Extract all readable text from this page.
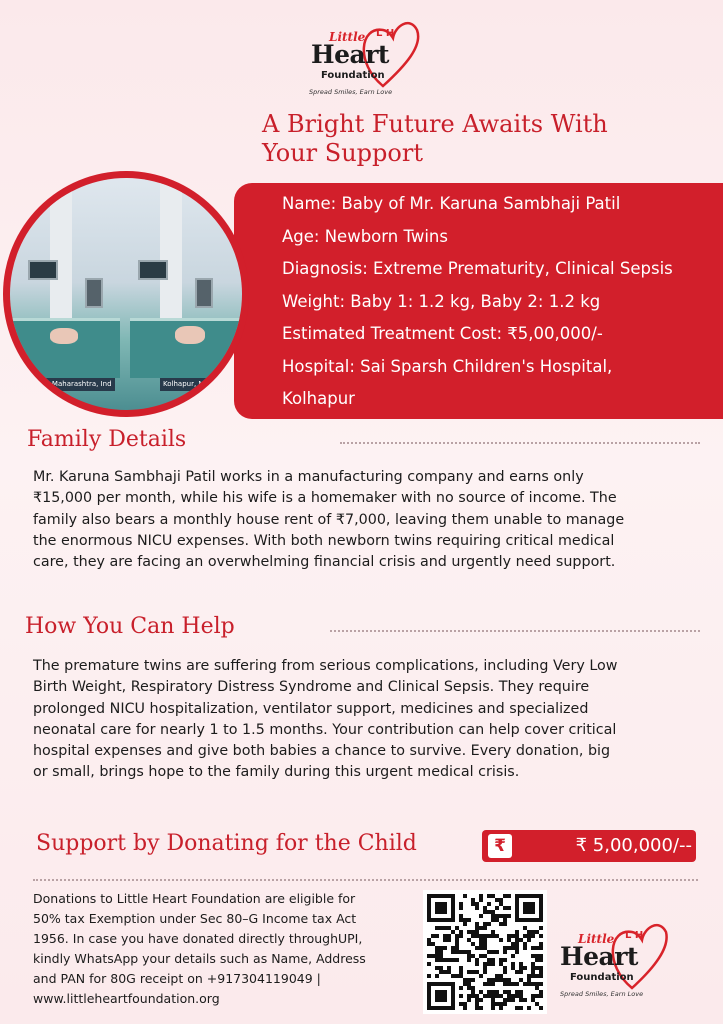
L H
Little
Heart
Foundation
Spread Smiles, Earn Love
A Bright Future Awaits With
Your Support
Name: Baby of Mr. Karuna Sambhaji Patil
Age: Newborn Twins
Diagnosis: Extreme Prematurity, Clinical Sepsis
Weight: Baby 1: 1.2 kg, Baby 2: 1.2 kg
Estimated Treatment Cost: ₹5,00,000/-
Hospital: Sai Sparsh Children's Hospital,
Kolhapur
hapur, Maharashtra, Ind	Kolhapur, Mah
Family Details
Mr. Karuna Sambhaji Patil works in a manufacturing company and earns only
₹15,000 per month, while his wife is a homemaker with no source of income. The
family also bears a monthly house rent of ₹7,000, leaving them unable to manage
the enormous NICU expenses. With both newborn twins requiring critical medical
care, they are facing an overwhelming financial crisis and urgently need support.
How You Can Help
The premature twins are suffering from serious complications, including Very Low
Birth Weight, Respiratory Distress Syndrome and Clinical Sepsis. They require
prolonged NICU hospitalization, ventilator support, medicines and specialized
neonatal care for nearly 1 to 1.5 months. Your contribution can help cover critical
hospital expenses and give both babies a chance to survive. Every donation, big
or small, brings hope to the family during this urgent medical crisis.
Support by Donating for the Child	₹	₹ 5,00,000/--
Donations to Little Heart Foundation are eligible for
50% tax Exemption under Sec 80–G Income tax Act
1956. In case you have donated directly throughUPI,
kindly WhatsApp your details such as Name, Address
and PAN for 80G receipt on +917304119049 |
www.littleheartfoundation.org
L H
Little
Heart
Foundation
Spread Smiles, Earn Love
